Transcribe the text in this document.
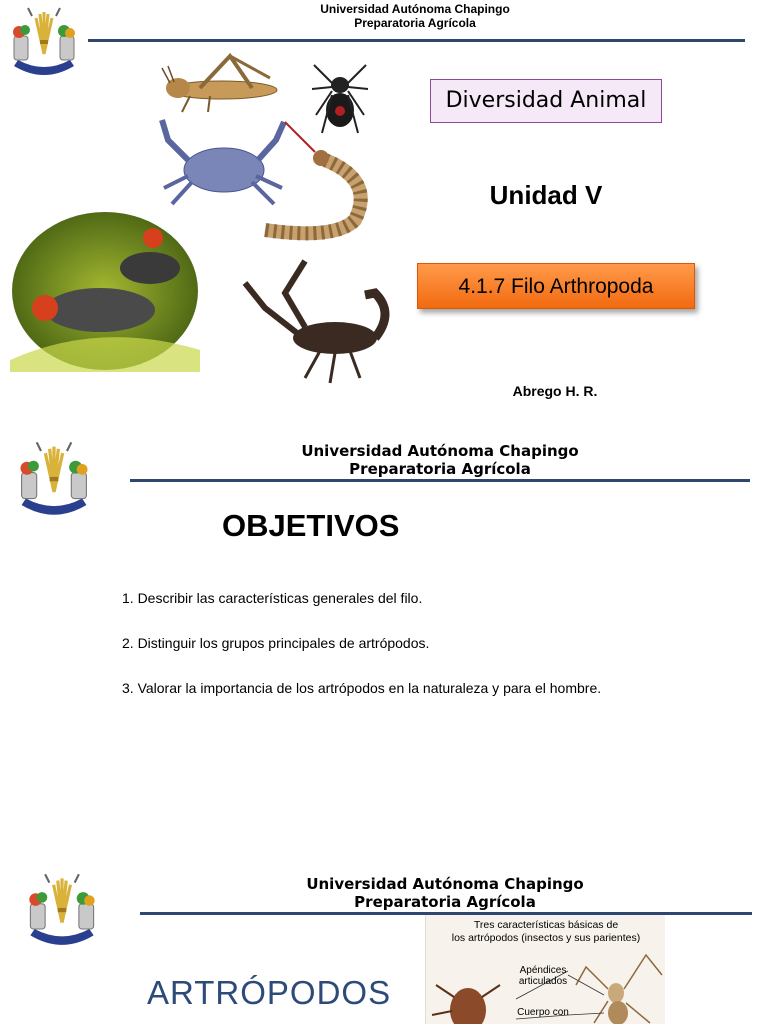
Universidad Autónoma Chapingo
Preparatoria Agrícola
Diversidad Animal
Unidad V
4.1.7 Filo Arthropoda
Abrego H. R.
Universidad Autónoma Chapingo
Preparatoria Agrícola
OBJETIVOS
1. Describir las características generales del filo.
2. Distinguir los grupos principales de artrópodos.
3. Valorar la importancia de los artrópodos en la naturaleza y para el hombre.
Universidad Autónoma Chapingo
Preparatoria Agrícola
ARTRÓPODOS
Tres características básicas de
los artrópodos (insectos y sus parientes)
Apéndices
articulados
Cuerpo con
